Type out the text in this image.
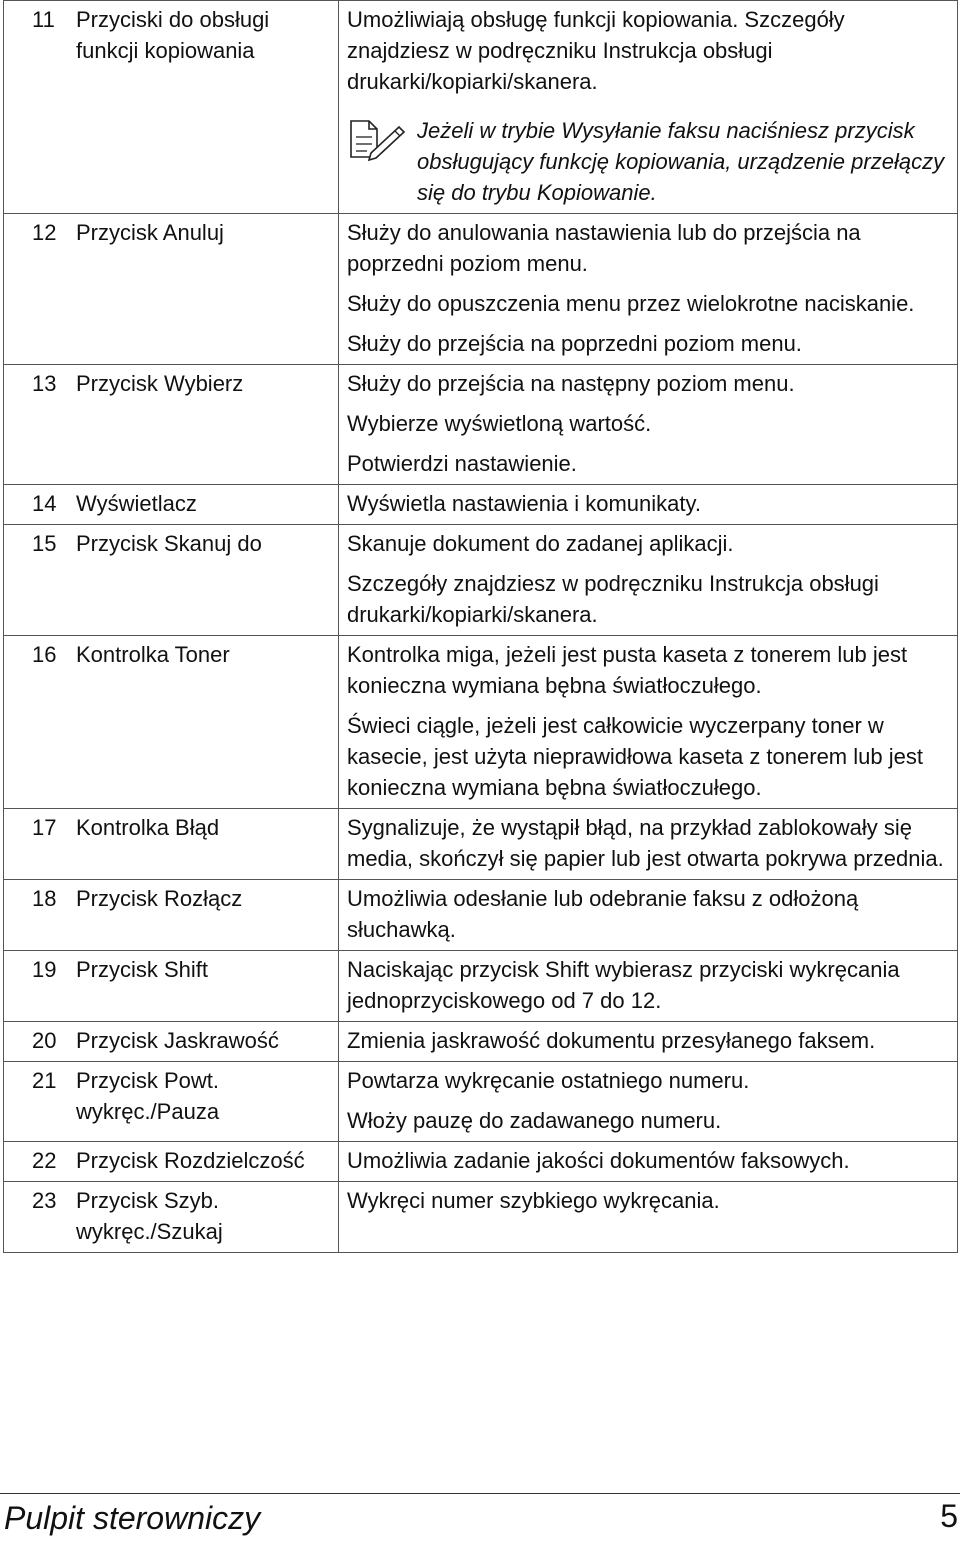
11 Przyciski do obsługi funkcji kopiowania	Umożliwiają obsługę funkcji kopiowania. Szczegóły znajdziesz w podręczniku Instrukcja obsługi drukarki/kopiarki/skanera.
Jeżeli w trybie Wysyłanie faksu naciśniesz przycisk obsługujący funkcję kopiowania, urządzenie przełączy się do trybu Kopiowanie.

12 Przycisk Anuluj	Służy do anulowania nastawienia lub do przejścia na poprzedni poziom menu.
Służy do opuszczenia menu przez wielokrotne naciskanie.
Służy do przejścia na poprzedni poziom menu.

13 Przycisk Wybierz	Służy do przejścia na następny poziom menu.
Wybierze wyświetloną wartość.
Potwierdzi nastawienie.

14 Wyświetlacz	Wyświetla nastawienia i komunikaty.

15 Przycisk Skanuj do	Skanuje dokument do zadanej aplikacji.
Szczegóły znajdziesz w podręczniku Instrukcja obsługi drukarki/kopiarki/skanera.

16 Kontrolka Toner	Kontrolka miga, jeżeli jest pusta kaseta z tonerem lub jest konieczna wymiana bębna światłoczułego.
Świeci ciągle, jeżeli jest całkowicie wyczerpany toner w kasecie, jest użyta nieprawidłowa kaseta z tonerem lub jest konieczna wymiana bębna światłoczułego.

17 Kontrolka Błąd	Sygnalizuje, że wystąpił błąd, na przykład zablokowały się media, skończył się papier lub jest otwarta pokrywa przednia.

18 Przycisk Rozłącz	Umożliwia odesłanie lub odebranie faksu z odłożoną słuchawką.

19 Przycisk Shift	Naciskając przycisk Shift wybierasz przyciski wykręcania jednoprzyciskowego od 7 do 12.

20 Przycisk Jaskrawość	Zmienia jaskrawość dokumentu przesyłanego faksem.

21 Przycisk Powt. wykręc./Pauza	Powtarza wykręcanie ostatniego numeru.
Włoży pauzę do zadawanego numeru.

22 Przycisk Rozdzielczość	Umożliwia zadanie jakości dokumentów faksowych.

23 Przycisk Szyb. wykręc./Szukaj	Wykręci numer szybkiego wykręcania.
Pulpit sterowniczy	5
